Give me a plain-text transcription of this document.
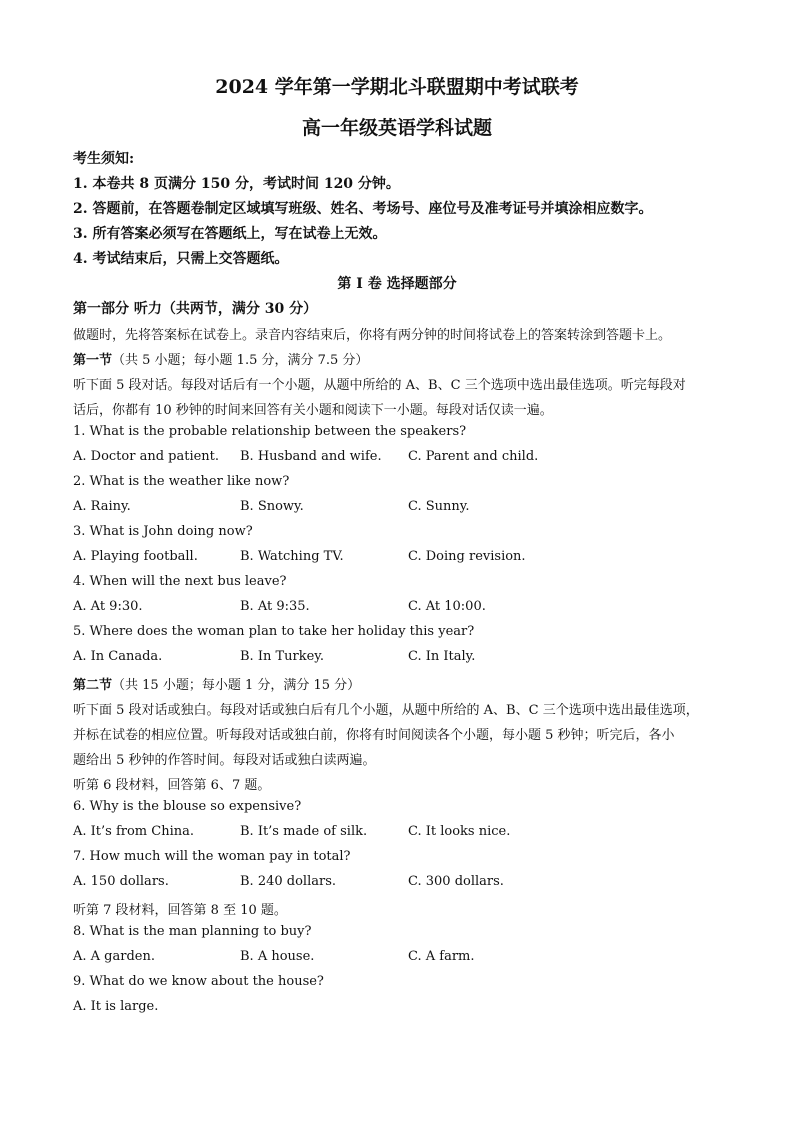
2024 学年第一学期北斗联盟期中考试联考
高一年级英语学科试题
考生须知:
1. 本卷共 8 页满分 150 分，考试时间 120 分钟。
2. 答题前，在答题卷制定区域填写班级、姓名、考场号、座位号及准考证号并填涂相应数字。
3. 所有答案必须写在答题纸上，写在试卷上无效。
4. 考试结束后，只需上交答题纸。
第 I 卷 选择题部分
第一部分 听力（共两节，满分 30 分）
做题时，先将答案标在试卷上。录音内容结束后，你将有两分钟的时间将试卷上的答案转涂到答题卡上。
第一节（共 5 小题；每小题 1.5 分，满分 7.5 分）
听下面 5 段对话。每段对话后有一个小题，从题中所给的 A、B、C 三个选项中选出最佳选项。听完每段对
话后，你都有 10 秒钟的时间来回答有关小题和阅读下一小题。每段对话仅读一遍。
1. What is the probable relationship between the speakers?
A. Doctor and patient. B. Husband and wife. C. Parent and child.
2. What is the weather like now?
A. Rainy.	B. Snowy.	C. Sunny.
3. What is John doing now?
A. Playing football.	B. Watching TV.	C. Doing revision.
4. When will the next bus leave?
A. At 9:30.	B. At 9:35.	C. At 10:00.
5. Where does the woman plan to take her holiday this year?
A. In Canada.	B. In Turkey.	C. In Italy.
第二节（共 15 小题；每小题 1 分，满分 15 分）
听下面 5 段对话或独白。每段对话或独白后有几个小题，从题中所给的 A、B、C 三个选项中选出最佳选项，
并标在试卷的相应位置。听每段对话或独白前，你将有时间阅读各个小题，每小题 5 秒钟；听完后，各小
题给出 5 秒钟的作答时间。每段对话或独白读两遍。
听第 6 段材料，回答第 6、7 题。
6. Why is the blouse so expensive?
A. It’s from China.	B. It’s made of silk.	C. It looks nice.
7. How much will the woman pay in total?
A. 150 dollars.	B. 240 dollars.	C. 300 dollars.
听第 7 段材料，回答第 8 至 10 题。
8. What is the man planning to buy?
A. A garden.	B. A house.	C. A farm.
9. What do we know about the house?
A. It is large.
